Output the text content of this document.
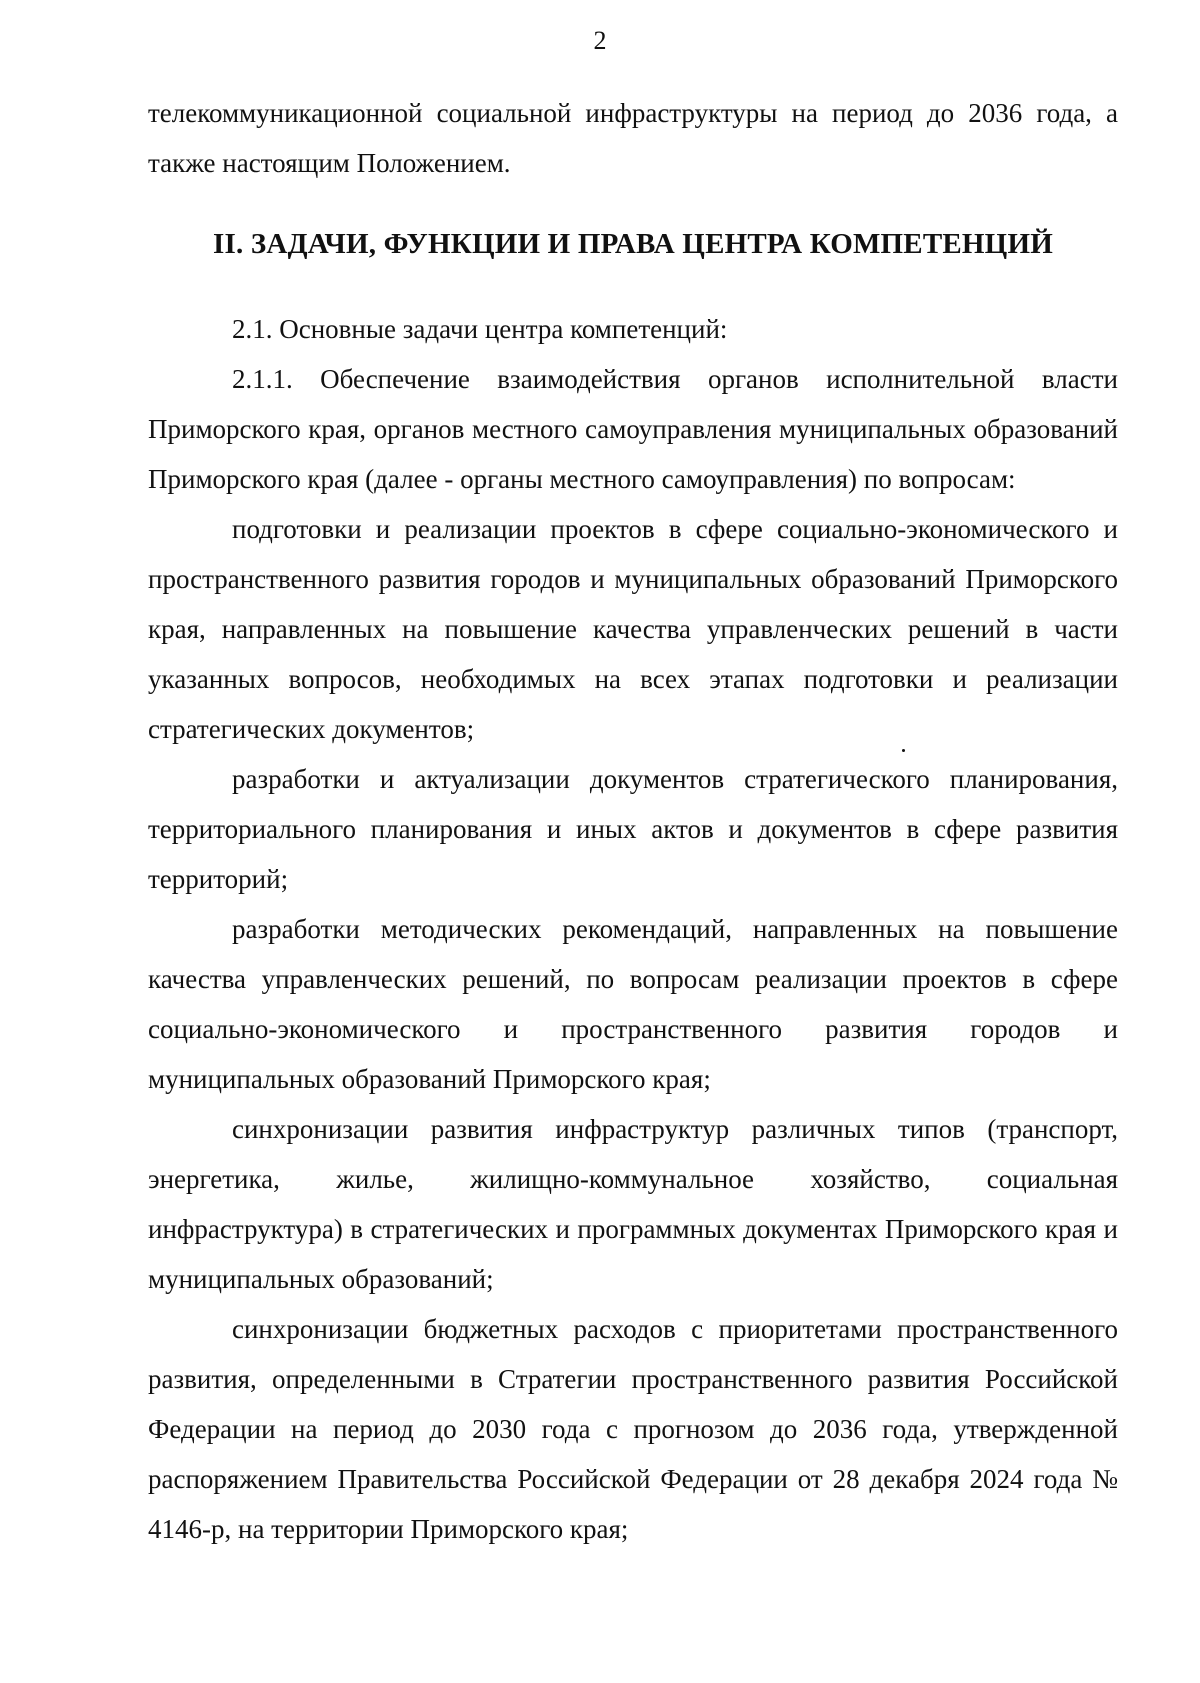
2

телекоммуникационной социальной инфраструктуры на период до 2036 года, а также настоящим Положением.

II. ЗАДАЧИ, ФУНКЦИИ И ПРАВА ЦЕНТРА КОМПЕТЕНЦИЙ

2.1. Основные задачи центра компетенций:

2.1.1. Обеспечение взаимодействия органов исполнительной власти Приморского края, органов местного самоуправления муниципальных образований Приморского края (далее - органы местного самоуправления) по вопросам:

подготовки и реализации проектов в сфере социально-экономического и пространственного развития городов и муниципальных образований Приморского края, направленных на повышение качества управленческих решений в части указанных вопросов, необходимых на всех этапах подготовки и реализации стратегических документов;

разработки и актуализации документов стратегического планирования, территориального планирования и иных актов и документов в сфере развития территорий;

разработки методических рекомендаций, направленных на повышение качества управленческих решений, по вопросам реализации проектов в сфере социально-экономического и пространственного развития городов и муниципальных образований Приморского края;

синхронизации развития инфраструктур различных типов (транспорт, энергетика, жилье, жилищно-коммунальное хозяйство, социальная инфраструктура) в стратегических и программных документах Приморского края и муниципальных образований;

синхронизации бюджетных расходов с приоритетами пространственного развития, определенными в Стратегии пространственного развития Российской Федерации на период до 2030 года с прогнозом до 2036 года, утвержденной распоряжением Правительства Российской Федерации от 28 декабря 2024 года № 4146-р, на территории Приморского края;
